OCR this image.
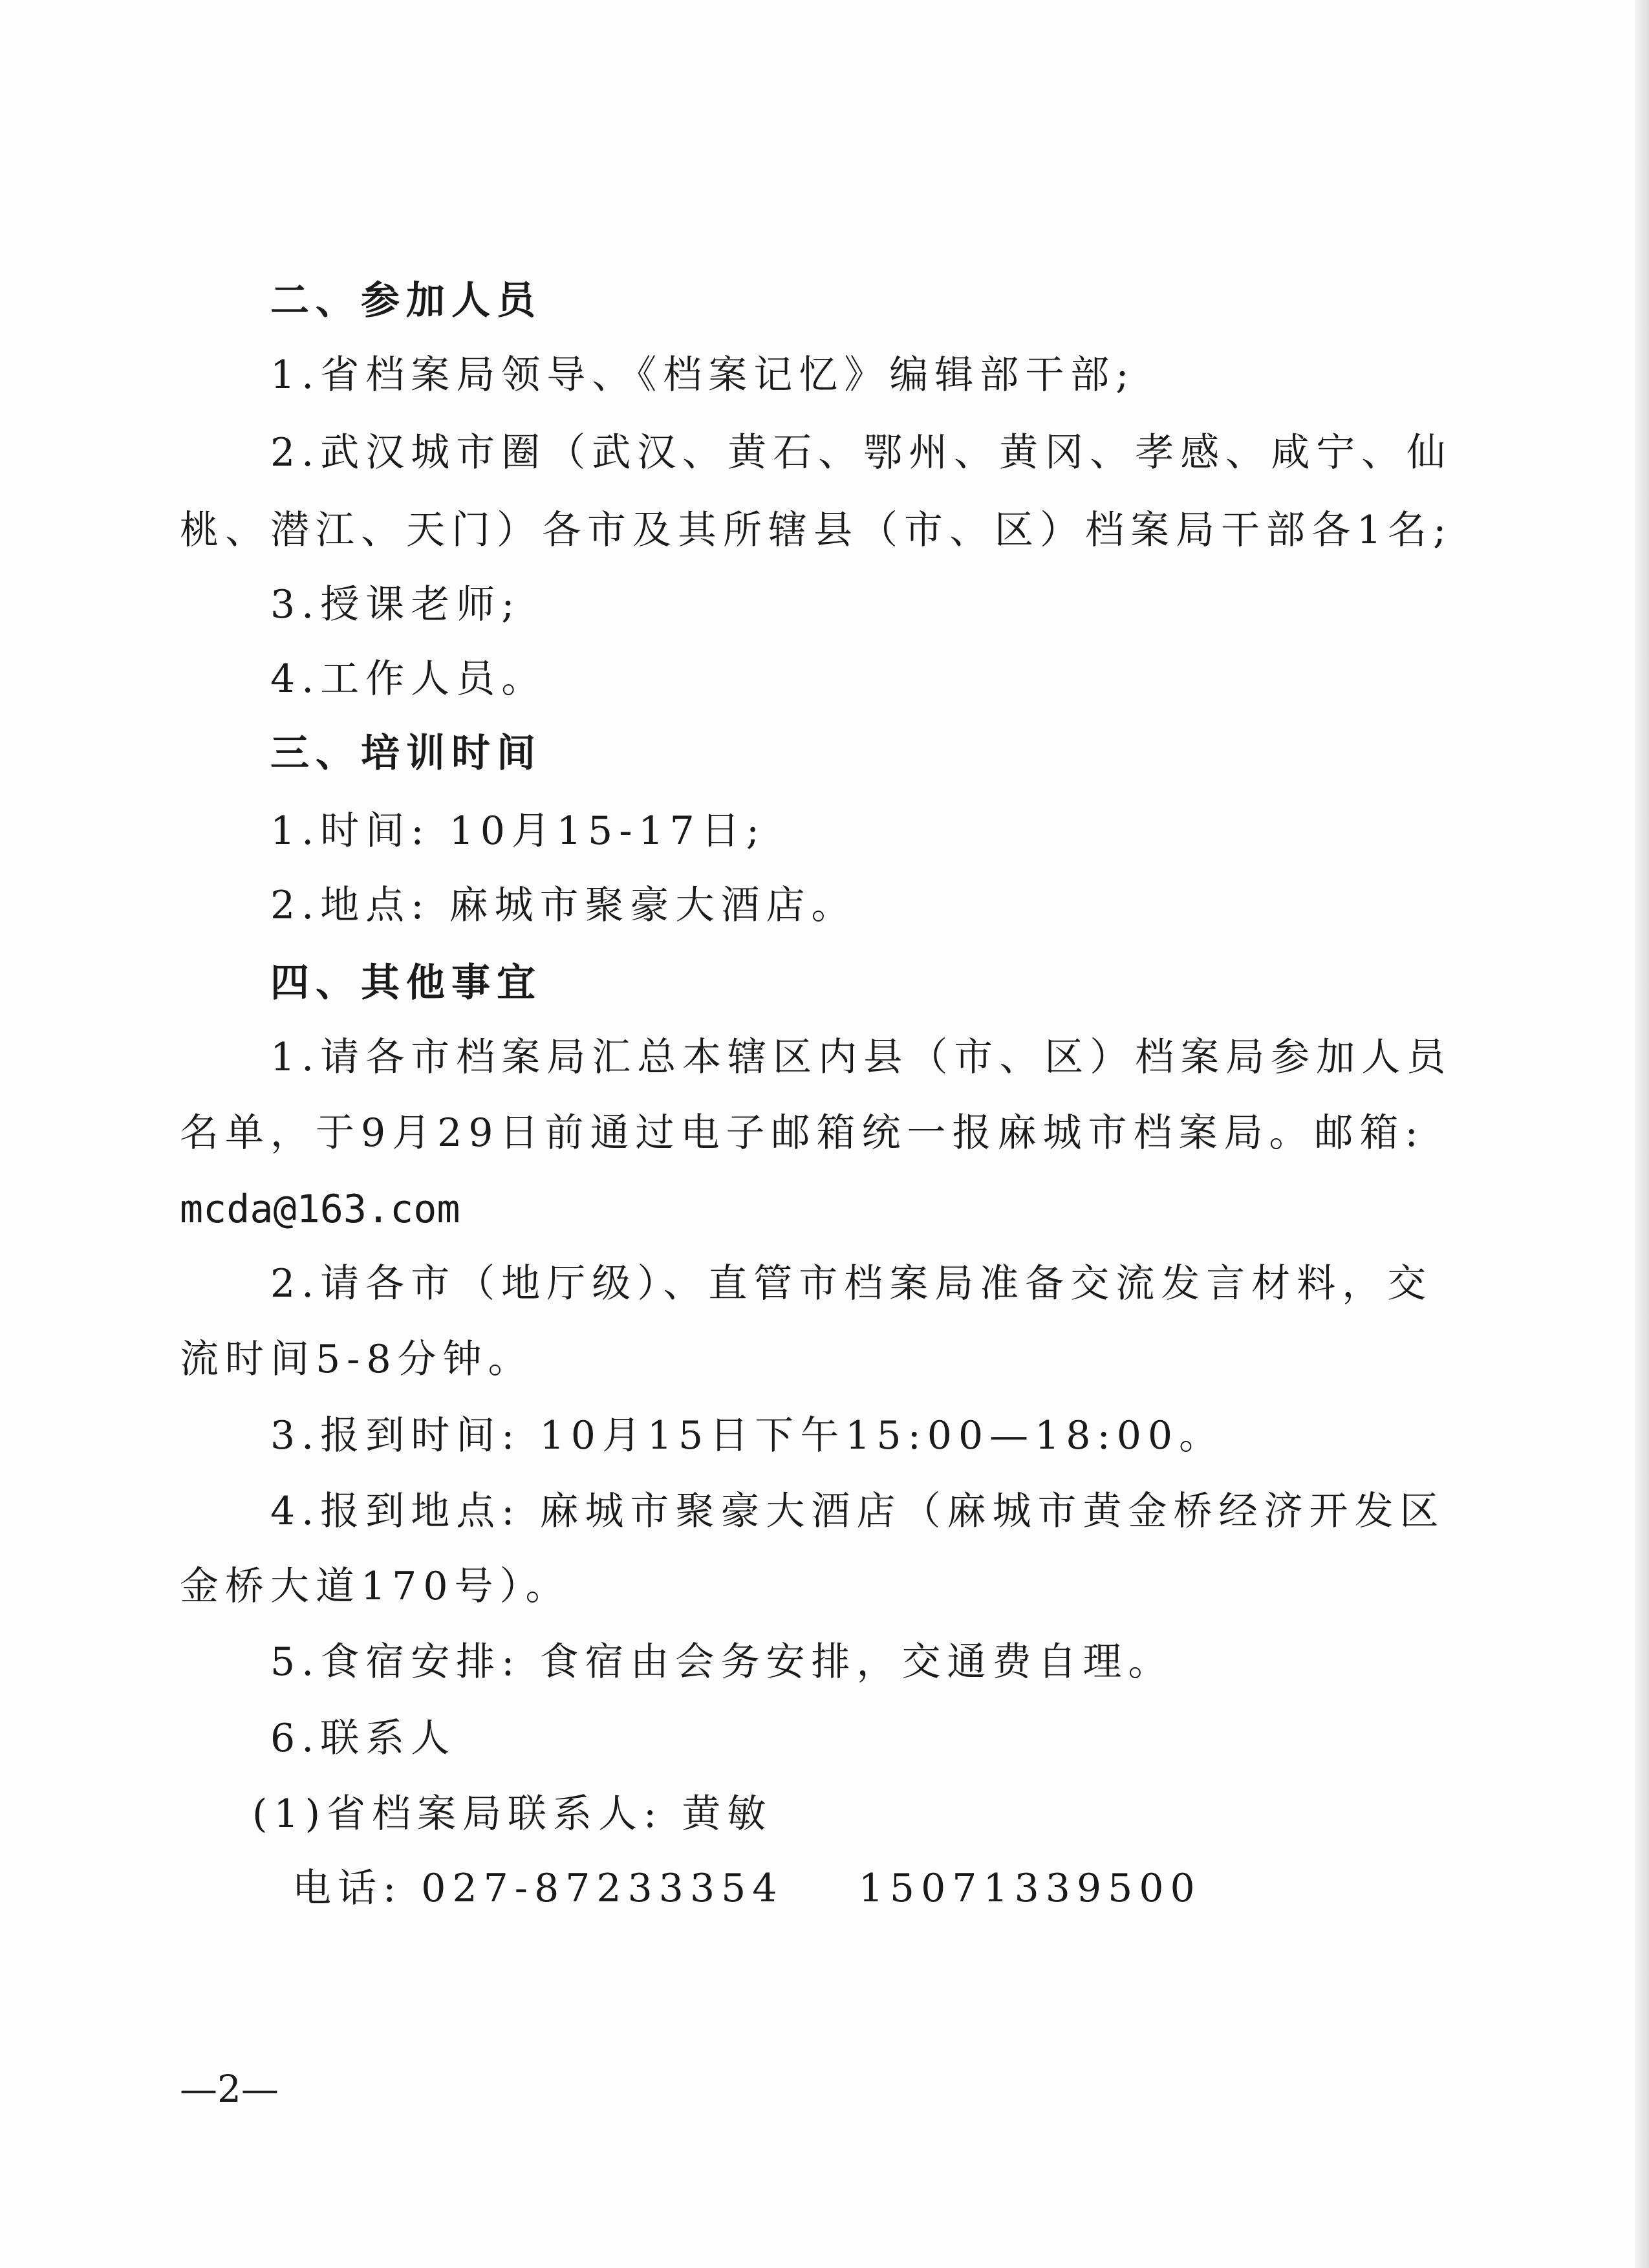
二、参加人员
1.省档案局领导、《档案记忆》编辑部干部;
2.武汉城市圈（武汉、黄石、鄂州、黄冈、孝感、咸宁、仙
桃、潜江、天门）各市及其所辖县（市、区）档案局干部各1名;
3.授课老师;
4.工作人员。
三、培训时间
1.时间: 10月15-17日;
2.地点: 麻城市聚豪大酒店。
四、其他事宜
1.请各市档案局汇总本辖区内县（市、区）档案局参加人员
名单，于9月29日前通过电子邮箱统一报麻城市档案局。邮箱:
mcda@163.com
2.请各市（地厅级）、直管市档案局准备交流发言材料，交
流时间5-8分钟。
3.报到时间: 10月15日下午15:00—18:00。
4.报到地点: 麻城市聚豪大酒店（麻城市黄金桥经济开发区
金桥大道170号）。
5.食宿安排: 食宿由会务安排，交通费自理。
6.联系人
(1)省档案局联系人: 黄敏
电话: 027-87233354    15071339500
—2—
